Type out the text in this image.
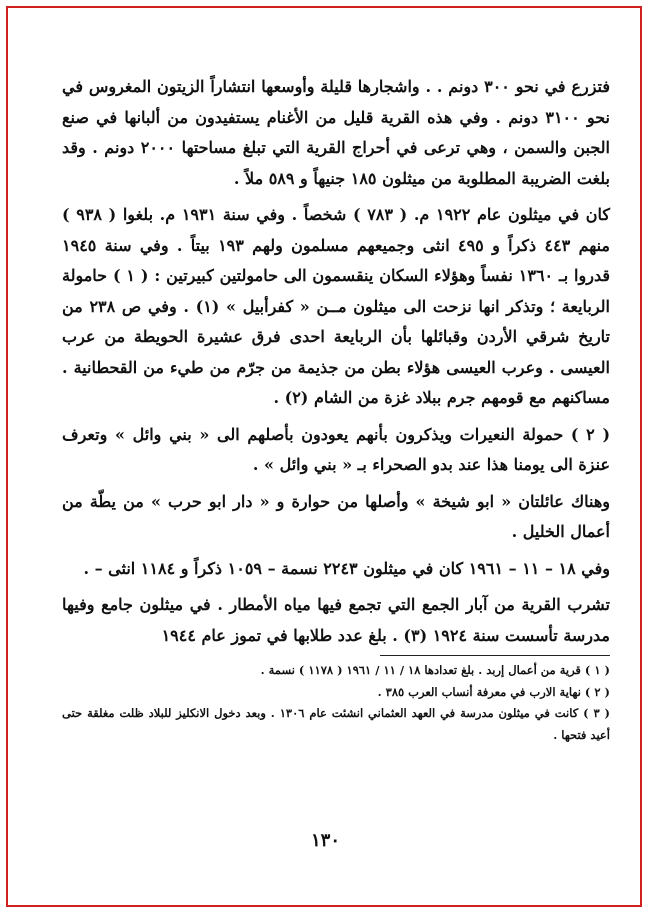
فتزرع في نحو ٣٠٠ دونم . . واشجارها قليلة وأوسعها انتشاراً الزيتون المغروس في نحو ٣١٠٠ دونم . وفي هذه القرية قليل من الأغنام يستفيدون من ألبانها في صنع الجبن والسمن ، وهي ترعى في أحراج القرية التي تبلغ مساحتها ٢٠٠٠ دونم . وقد بلغت الضريبة المطلوبة من ميثلون ١٨٥ جنيهاً و ٥٨٩ ملاً .

كان في ميثلون عام ١٩٢٢ م. ( ٧٨٣ ) شخصاً . وفي سنة ١٩٣١ م. بلغوا ( ٩٣٨ ) منهم ٤٤٣ ذكراً و ٤٩٥ انثى وجميعهم مسلمون ولهم ١٩٣ بيتاً . وفي سنة ١٩٤٥ قدروا بـ ١٣٦٠ نفساً وهؤلاء السكان ينقسمون الى حامولتين كبيرتين : ( ١ ) حامولة الربايعة ؛ وتذكر انها نزحت الى ميثلون مــن « كفرأبيل » (١) . وفي ص ٢٣٨ من تاريخ شرقي الأردن وقبائلها بأن الربايعة احدى فرق عشيرة الحويطة من عرب العيسى . وعرب العيسى هؤلاء بطن من جذيمة من جرّم من طيء من القحطانية . مساكنهم مع قومهم جرم ببلاد غزة من الشام (٢) .

( ٢ ) حمولة النعيرات ويذكرون بأنهم يعودون بأصلهم الى « بني وائل » وتعرف عنزة الى يومنا هذا عند بدو الصحراء بـ « بني وائل » .

وهناك عائلتان « ابو شيخة » وأصلها من حوارة و « دار ابو حرب » من يطّة من أعمال الخليل .

وفي ١٨ – ١١ – ١٩٦١ كان في ميثلون ٢٢٤٣ نسمة – ١٠٥٩ ذكراً و ١١٨٤ انثى – .

تشرب القرية من آبار الجمع التي تجمع فيها مياه الأمطار . في ميثلون جامع وفيها مدرسة تأسست سنة ١٩٢٤ (٣) . بلغ عدد طلابها في تموز عام ١٩٤٤

( ١ ) قرية من أعمال إربد . بلغ تعدادها ١٨ / ١١ / ١٩٦١ ( ١١٧٨ ) نسمة .

( ٢ ) نهاية الارب في معرفة أنساب العرب ٣٨٥ .

( ٣ ) كانت في ميثلون مدرسة في العهد العثماني انشئت عام ١٣٠٦ . وبعد دخول الانكليز للبلاد ظلت مغلقة حتى أعيد فتحها .

١٣٠
